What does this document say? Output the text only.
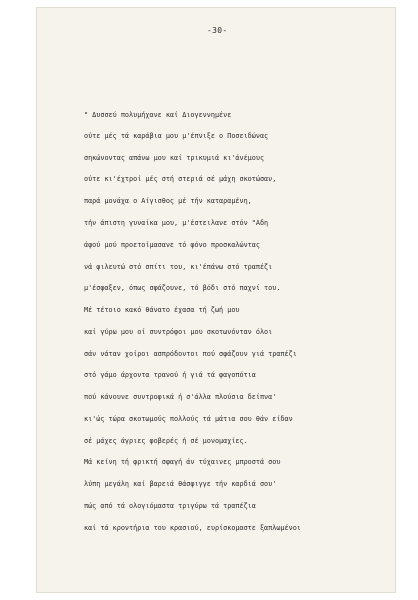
-30-
" Δυσσεύ πολυμήχανε καί Διογεννημένε
ούτε μές τά καράβια μου μ'έπνιξε ο Ποσειδώνας
σηκώνοντας απάνω μου καί τρικυμιά κι'άνέμους
ούτε κι'έχτροί μές στή στεριά σέ μάχη σκοτώσαν,
παρά μονάχα ο Αίγισθος μέ τήν καταραμένη,
τήν άπιστη γυναίκα μου, μ'έστειλανε στόν "Αδη
άφού μού προετοίμασανε τό φόνο προσκαλώντας
νά φιλευτώ στό σπίτι του, κι'έπάνω στό τραπέζι
μ'έσφαξεν, όπως σφάζουνε, τό βόδι στό παχνί του.
Μέ τέτοιο κακό θάνατο έχασα τή ζωή μου
καί γύρω μου οί συντρόφοι μου σκοτωνόνταν όλοι
σάν νάταν χοίροι ασπρόδοντοι πού σφάζουν γιά τραπέζι
στό γάμο άρχοντα τρανού ή γιά τά φαγοπότια
πού κάνουνε συντροφικά ή σ'άλλα πλούσια δείπνα'
κι'ώς τώρα σκοτωμούς πολλούς τά μάτια σου θάν είδαν
σέ μάχες άγριες φοβερές ή σέ μονομαχίες.
Μά κείνη τή φρικτή σφαγή άν τύχαινες μπροστά σου
λύπη μεγάλη καί βαρειά θάσφιγγε τήν καρδιά σου'
πώς από τά ολογιόμαστα τριγύρω τά τραπέζια
καί τά κροντήρια του κρασιού, ευρίσκομαστε ξαπλωμένοι
